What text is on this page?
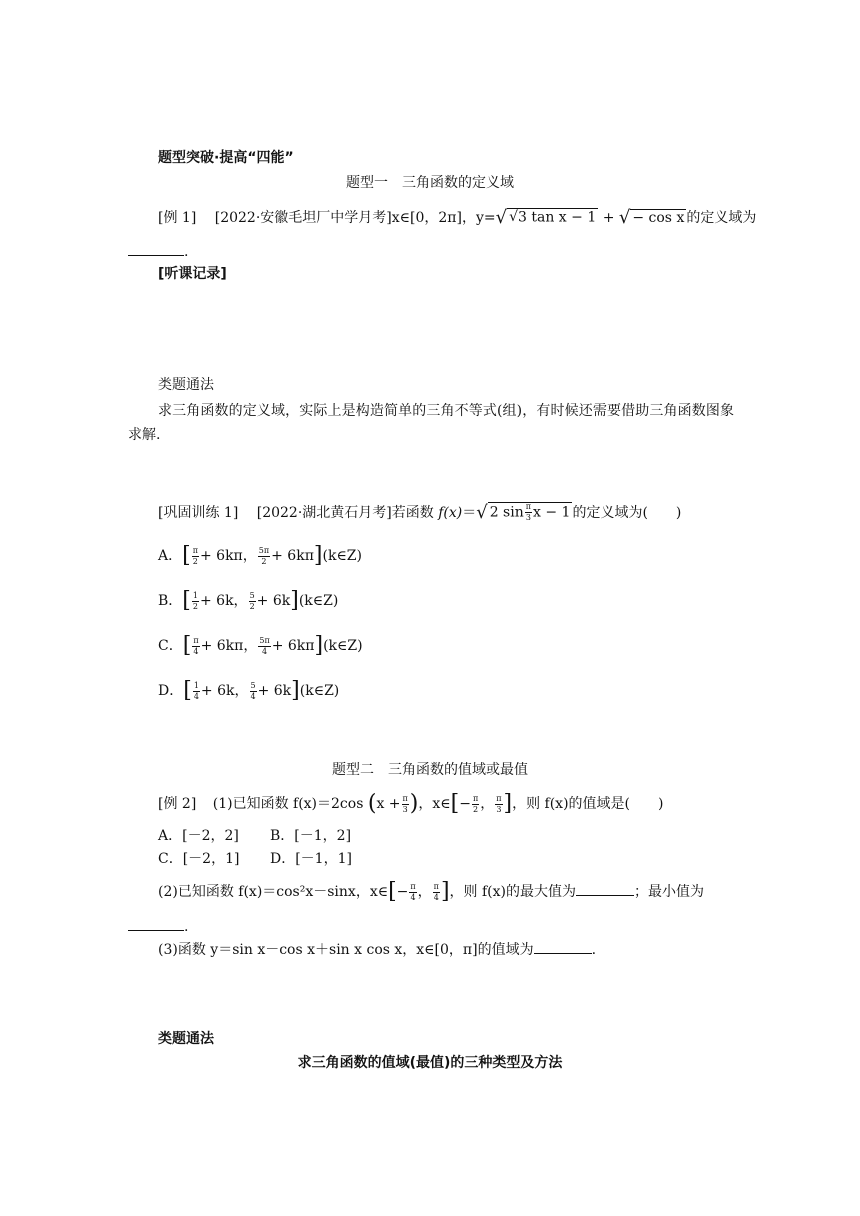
题型突破·提高“四能”
题型一　三角函数的定义域
[例 1] [2022·安徽毛坦厂中学月考]x∈[0，2π]，y=√ √3 tan x − 1 + √ − cos x 的定义域为
.
[听课记录]
类题通法
求三角函数的定义域，实际上是构造简单的三角不等式(组)，有时候还需要借助三角函数图象求解.
[巩固训练 1] [2022·湖北黄石月考]若函数 f(x)＝√ 2 $\sin \frac{\pi}{3}$ x − 1 的定义域为(　　)
A．[ $\frac{\pi}{2} + 6k\pi$， $\frac{5\pi}{2}$ + 6kπ](k∈Z)
B．[ $\frac{1}{2} + 6k$， $\frac{5}{2}$ + 6k](k∈Z)
C．[ $\frac{\pi}{4} + 6k\pi$， $\frac{5\pi}{4}$ + 6kπ](k∈Z)
D．[ $\frac{1}{4} + 6k$， $\frac{5}{4}$ + 6k](k∈Z)
题型二　三角函数的值域或最值
[例 2] (1)已知函数 f(x)＝2cos ($x + \frac{\pi}{3}$ )，x∈[− $\frac{\pi}{2}$ ， $\frac{\pi}{3}$ ]，则 f(x)的值域是(　　)
A．[－2，2] B．[－1，2]
C．[－2，1] D．[－1，1]
(2)已知函数 f(x)＝cos²x－sinx，x∈[− $\frac{\pi}{4}$ ， $\frac{\pi}{4}$ ]，则 f(x)的最大值为	；最小值为
.
(3)函数 y＝sin x－cos x＋sin x cos x，x∈[0，π]的值域为	.
类题通法
求三角函数的值域(最值)的三种类型及方法
